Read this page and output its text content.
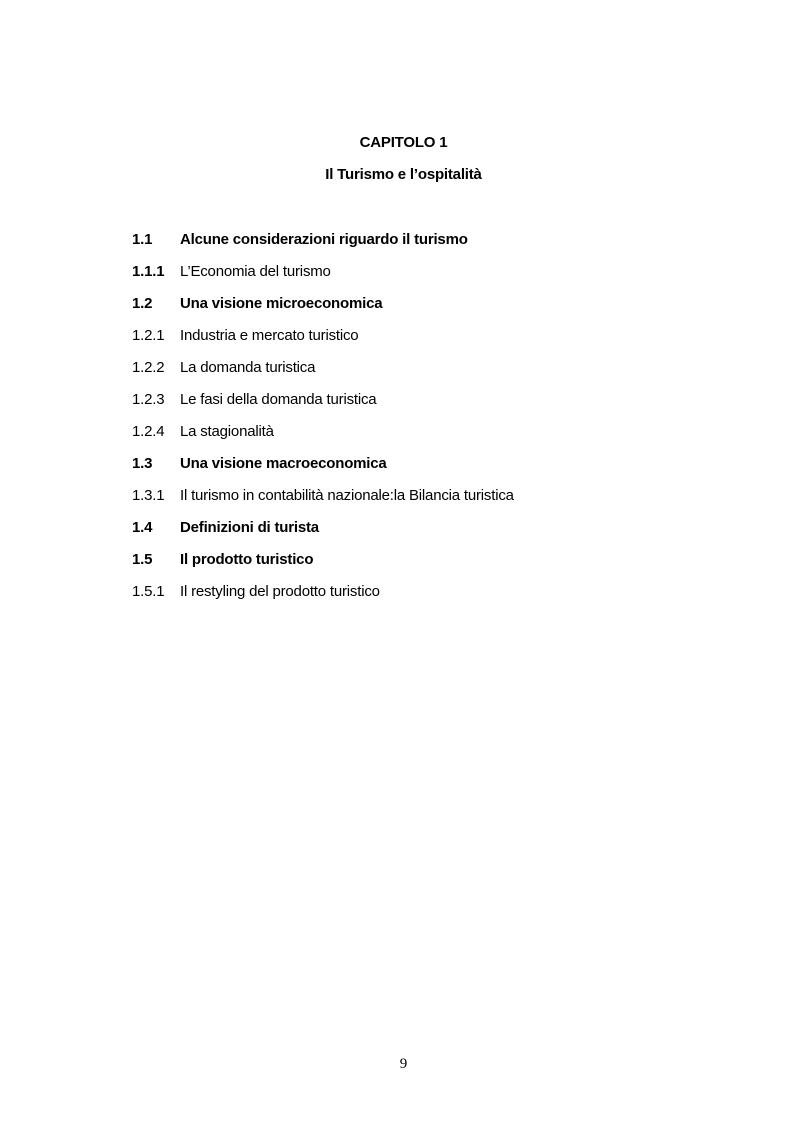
CAPITOLO 1
Il Turismo e l’ospitalità
1.1 Alcune considerazioni riguardo il turismo
1.1.1 L’Economia del turismo
1.2 Una visione microeconomica
1.2.1 Industria e mercato turistico
1.2.2 La domanda turistica
1.2.3 Le fasi della domanda turistica
1.2.4 La stagionalità
1.3 Una visione macroeconomica
1.3.1 Il turismo in contabilità nazionale:la Bilancia turistica
1.4 Definizioni di turista
1.5 Il prodotto turistico
1.5.1 Il restyling del prodotto turistico
9
